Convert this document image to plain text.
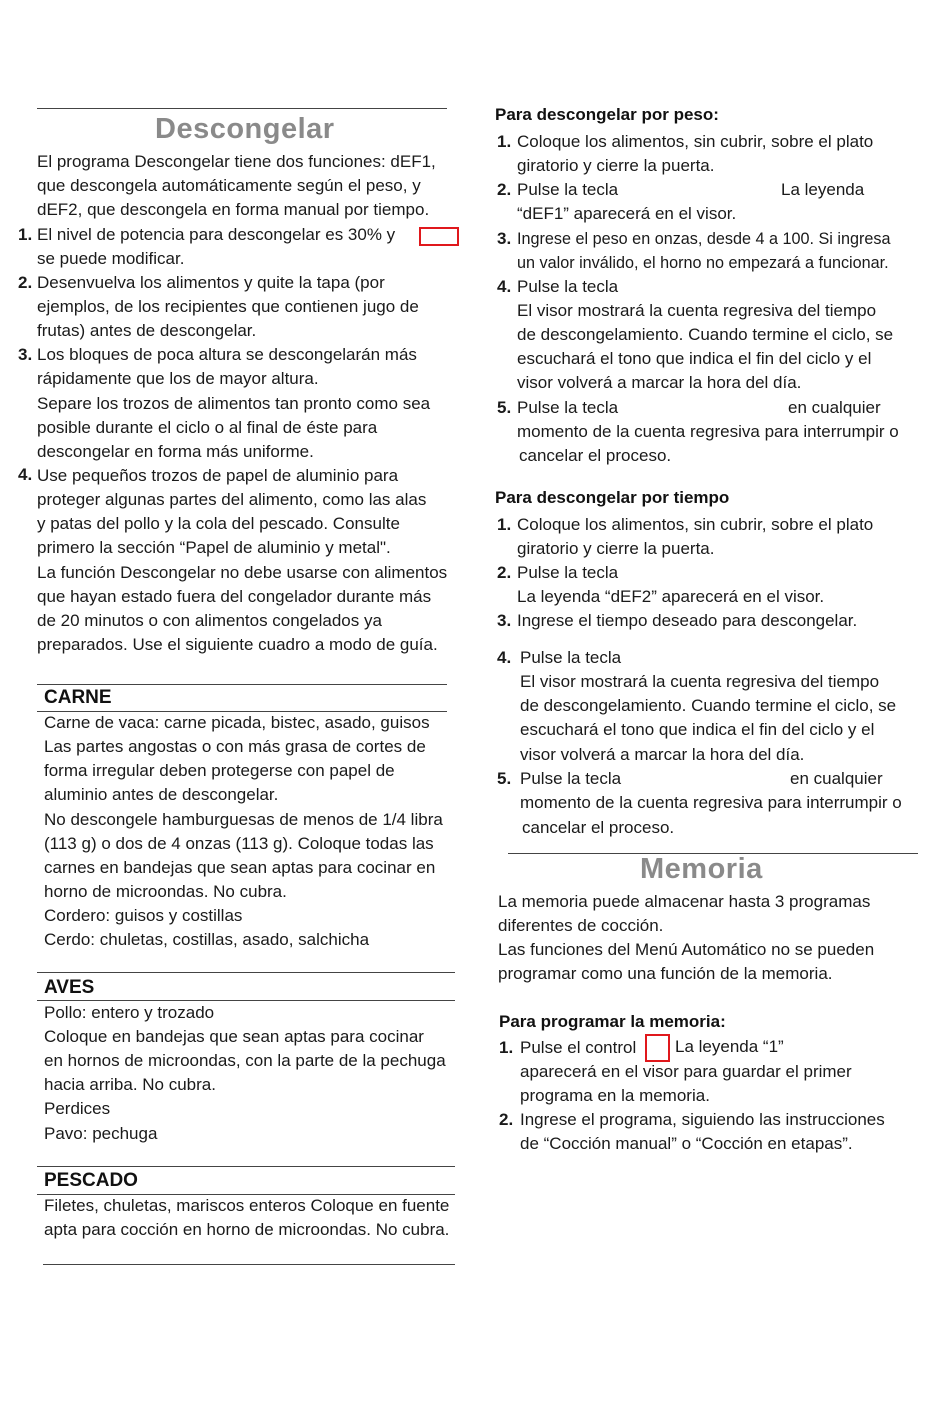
Descongelar
El programa Descongelar tiene dos funciones: dEF1,
que descongela automáticamente según el peso, y
dEF2, que descongela en forma manual por tiempo.
1. El nivel de potencia para descongelar es 30% y
se puede modificar.
2. Desenvuelva los alimentos y quite la tapa (por
ejemplos, de los recipientes que contienen jugo de
frutas) antes de descongelar.
3. Los bloques de poca altura se descongelarán más
rápidamente que los de mayor altura.
Separe los trozos de alimentos tan pronto como sea
posible durante el ciclo o al final de éste para
descongelar en forma más uniforme.
4. Use pequeños trozos de papel de aluminio para
proteger algunas partes del alimento, como las alas
y patas del pollo y la cola del pescado. Consulte
primero la sección “Papel de aluminio y metal".
La función Descongelar no debe usarse con alimentos
que hayan estado fuera del congelador durante más
de 20 minutos o con alimentos congelados ya
preparados. Use el siguiente cuadro a modo de guía.
CARNE
Carne de vaca: carne picada, bistec, asado, guisos
Las partes angostas o con más grasa de cortes de
forma irregular deben protegerse con papel de
aluminio antes de descongelar.
No descongele hamburguesas de menos de 1/4 libra
(113 g) o dos de 4 onzas (113 g). Coloque todas las
carnes en bandejas que sean aptas para cocinar en
horno de microondas. No cubra.
Cordero: guisos y costillas
Cerdo: chuletas, costillas, asado, salchicha
AVES
Pollo: entero y trozado
Coloque en bandejas que sean aptas para cocinar
en hornos de microondas, con la parte de la pechuga
hacia arriba. No cubra.
Perdices
Pavo: pechuga
PESCADO
Filetes, chuletas, mariscos enteros Coloque en fuente
apta para cocción en horno de microondas. No cubra.
Para descongelar por peso:
1. Coloque los alimentos, sin cubrir, sobre el plato
giratorio y cierre la puerta.
2. Pulse la tecla	La leyenda
“dEF1” aparecerá en el visor.
3. Ingrese el peso en onzas, desde 4 a 100. Si ingresa
un valor inválido, el horno no empezará a funcionar.
4. Pulse la tecla
El visor mostrará la cuenta regresiva del tiempo
de descongelamiento. Cuando termine el ciclo, se
escuchará el tono que indica el fin del ciclo y el
visor volverá a marcar la hora del día.
5. Pulse la tecla	en cualquier
momento de la cuenta regresiva para interrumpir o
cancelar el proceso.
Para descongelar por tiempo
1. Coloque los alimentos, sin cubrir, sobre el plato
giratorio y cierre la puerta.
2. Pulse la tecla
La leyenda “dEF2” aparecerá en el visor.
3. Ingrese el tiempo deseado para descongelar.
4. Pulse la tecla
El visor mostrará la cuenta regresiva del tiempo
de descongelamiento. Cuando termine el ciclo, se
escuchará el tono que indica el fin del ciclo y el
visor volverá a marcar la hora del día.
5. Pulse la tecla	en cualquier
momento de la cuenta regresiva para interrumpir o
cancelar el proceso.
Memoria
La memoria puede almacenar hasta 3 programas
diferentes de cocción.
Las funciones del Menú Automático no se pueden
programar como una función de la memoria.
Para programar la memoria:
1. Pulse el control La leyenda “1”
aparecerá en el visor para guardar el primer
programa en la memoria.
2. Ingrese el programa, siguiendo las instrucciones
de “Cocción manual” o “Cocción en etapas”.
